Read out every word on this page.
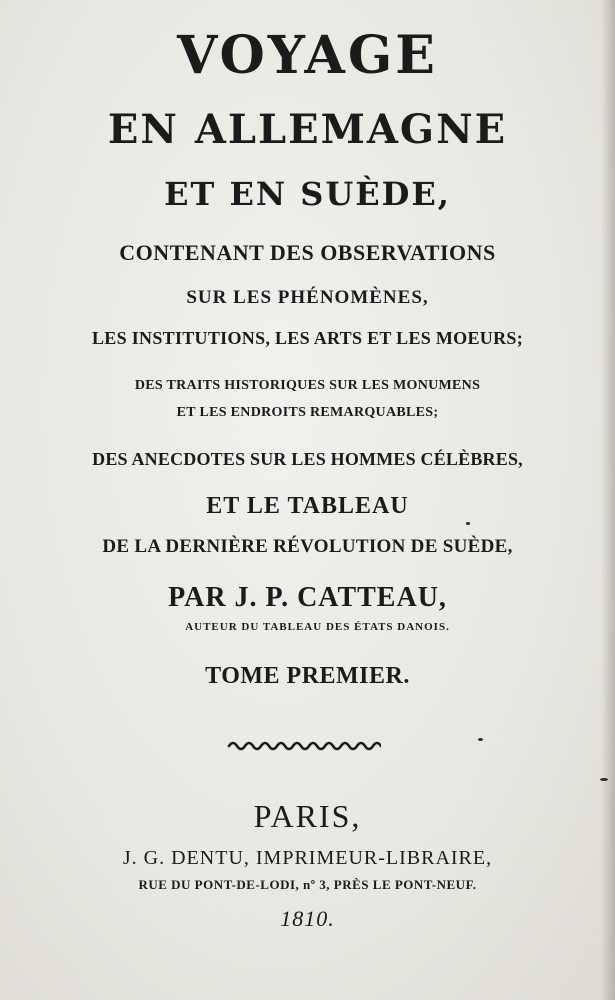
VOYAGE
EN ALLEMAGNE
ET EN SUÈDE,
CONTENANT DES OBSERVATIONS
SUR LES PHÉNOMÈNES,
LES INSTITUTIONS, LES ARTS ET LES MOEURS;
DES TRAITS HISTORIQUES SUR LES MONUMENS
ET LES ENDROITS REMARQUABLES;
DES ANECDOTES SUR LES HOMMES CÉLÈBRES,
ET LE TABLEAU
DE LA DERNIÈRE RÉVOLUTION DE SUÈDE,
PAR J. P. CATTEAU,
AUTEUR DU TABLEAU DES ÉTATS DANOIS.
TOME PREMIER.
PARIS,
J. G. DENTU, IMPRIMEUR-LIBRAIRE,
RUE DU PONT-DE-LODI, nº 3, PRÈS LE PONT-NEUF.
1810.
